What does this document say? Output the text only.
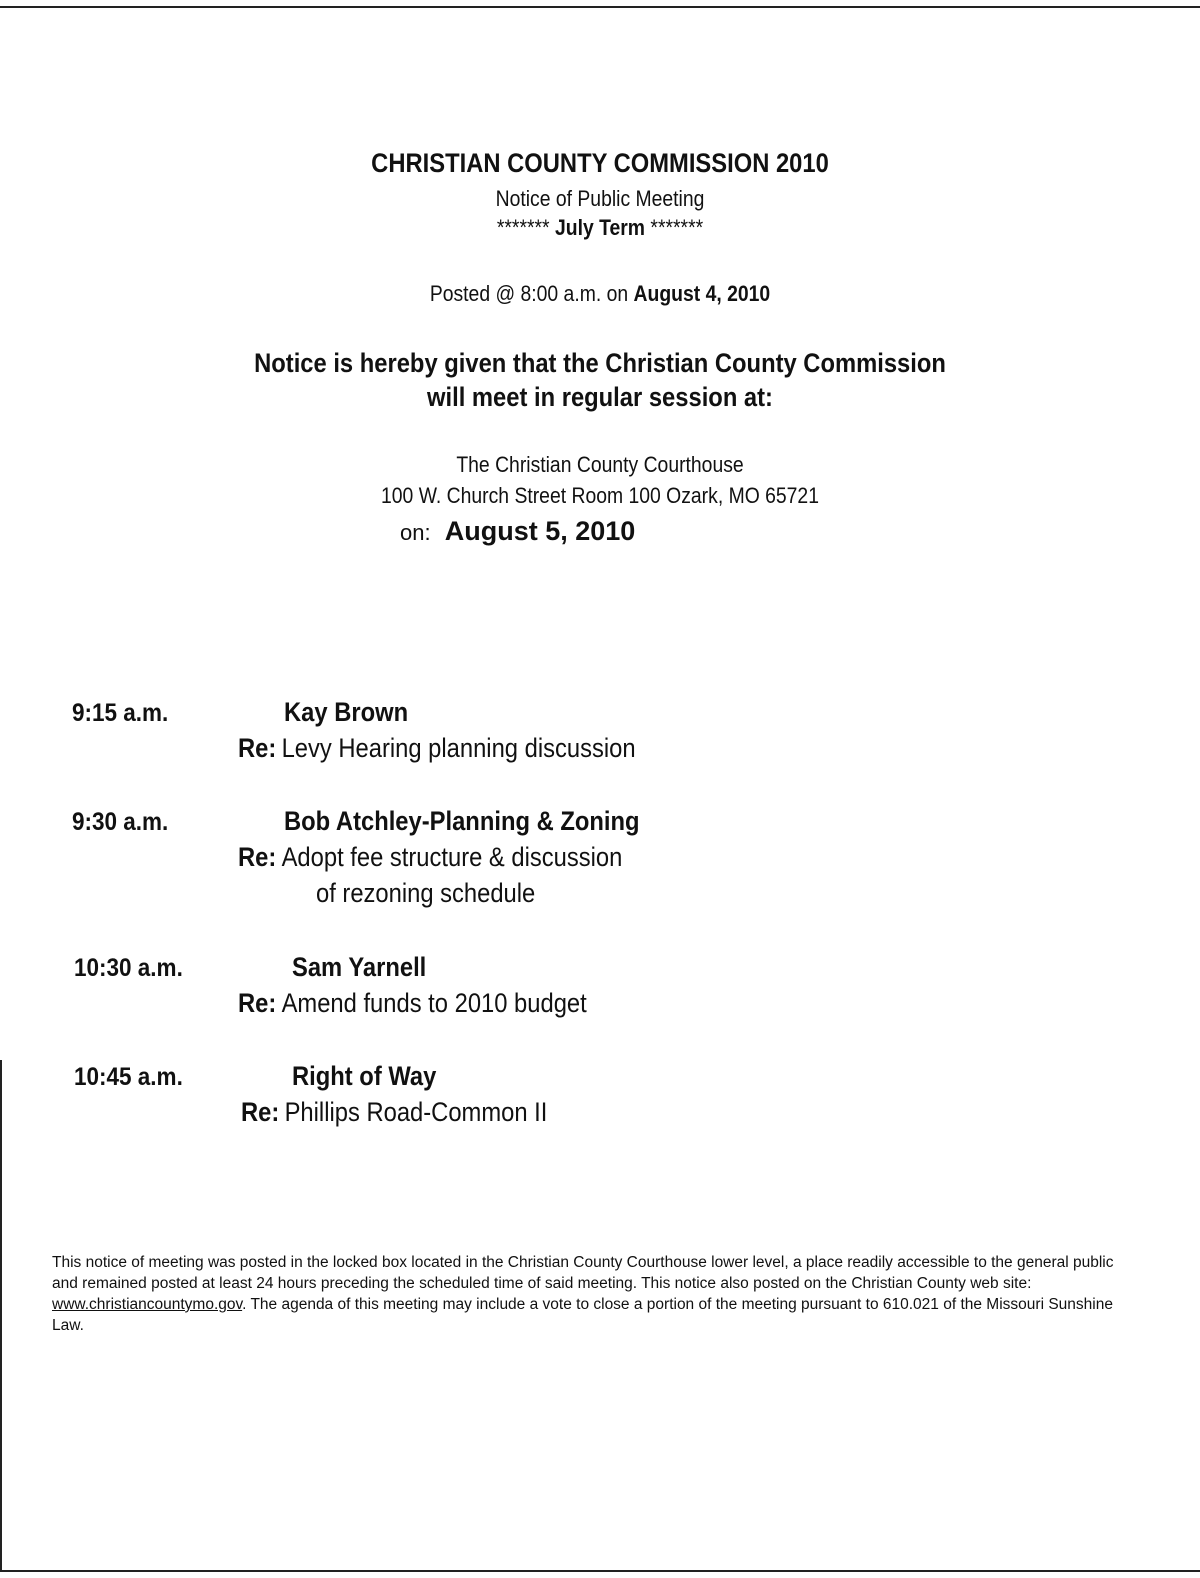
CHRISTIAN COUNTY COMMISSION 2010
Notice of Public Meeting
******* July Term *******
Posted @ 8:00 a.m. on August 4, 2010
Notice is hereby given that the Christian County Commission
will meet in regular session at:
The Christian County Courthouse
100 W. Church Street Room 100 Ozark, MO 65721
on: August 5, 2010
9:15 a.m.	Kay Brown
Re: Levy Hearing planning discussion
9:30 a.m.	Bob Atchley-Planning & Zoning
Re: Adopt fee structure & discussion
of rezoning schedule
10:30 a.m.	Sam Yarnell
Re: Amend funds to 2010 budget
10:45 a.m.	Right of Way
Re: Phillips Road-Common II
This notice of meeting was posted in the locked box located in the Christian County Courthouse lower level, a place readily accessible to the general public and remained posted at least 24 hours preceding the scheduled time of said meeting. This notice also posted on the Christian County web site: www.christiancountymo.gov. The agenda of this meeting may include a vote to close a portion of the meeting pursuant to 610.021 of the Missouri Sunshine Law.
